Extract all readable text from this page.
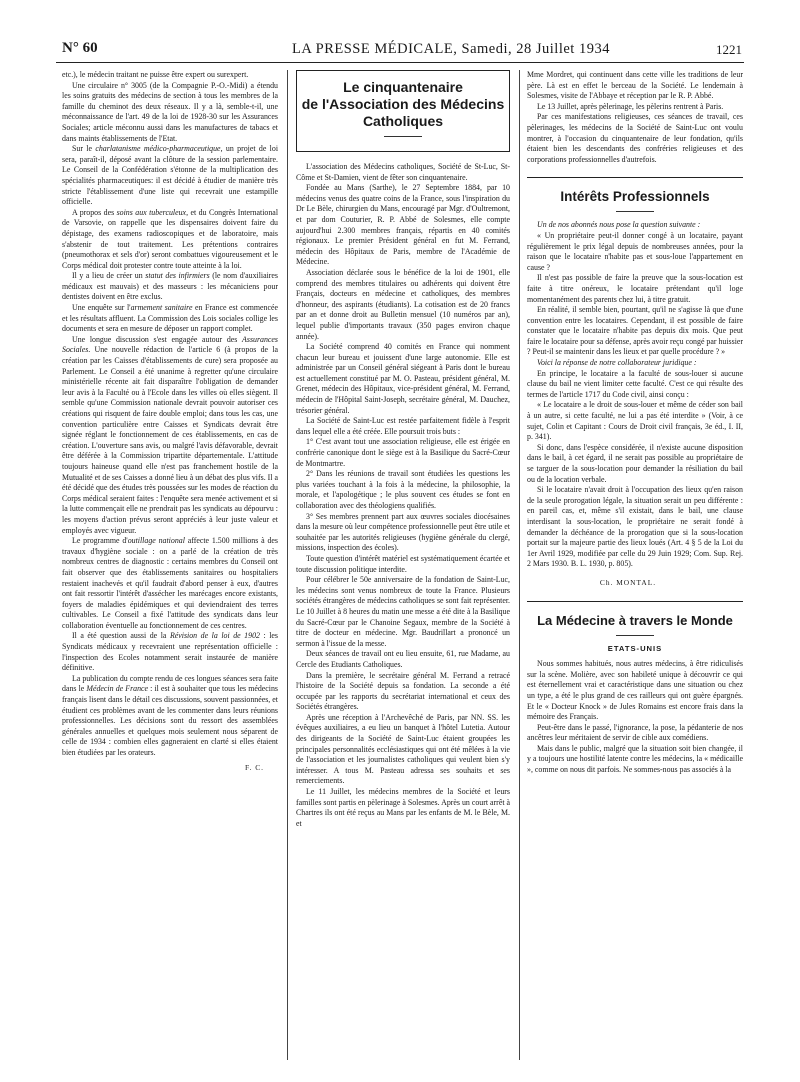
N° 60	LA PRESSE MÉDICALE, Samedi, 28 Juillet 1934	1221

etc.), le médecin traitant ne puisse être expert ou surexpert.

Une circulaire n° 3005 (de la Compagnie P.-O.-Midi) a étendu les soins gratuits des médecins de section à tous les membres de la famille du cheminot des deux réseaux. Il y a là, semble-t-il, une méconnaissance de l'art. 49 de la loi de 1928-30 sur les Assurances Sociales; article méconnu aussi dans les manufactures de tabacs et dans maints établissements de l'Etat.

Sur le charlatanisme médico-pharmaceutique, un projet de loi sera, paraît-il, déposé avant la clôture de la session parlementaire. Le Conseil de la Confédération s'étonne de la multiplication des spécialités pharmaceutiques: il est décidé à étudier de manière très stricte l'établissement d'une liste qui recevrait une estampille officielle.

A propos des soins aux tuberculeux, et du Congrès International de Varsovie, on rappelle que les dispensaires doivent faire du dépistage, des examens radioscopiques et de laboratoire, mais s'abstenir de tout traitement. Les prétentions contraires (pneumothorax et sels d'or) seront combattues vigoureusement et le Corps médical doit protester contre toute atteinte à la loi.

Il y a lieu de créer un statut des infirmiers (le nom d'auxiliaires médicaux est mauvais) et des masseurs : les mécaniciens pour dentistes doivent en être exclus.

Une enquête sur l'armement sanitaire en France est commencée et les résultats affluent. La Commission des Lois sociales collige les documents et sera en mesure de déposer un rapport complet.

Une longue discussion s'est engagée autour des Assurances Sociales. Une nouvelle rédaction de l'article 6 (à propos de la création par les Caisses d'établissements de cure) sera proposée au Parlement. Le Conseil a été unanime à regretter qu'une circulaire ministérielle récente ait fait disparaître l'obligation de demander leur avis à la Faculté ou à l'Ecole dans les villes où elles siègent. Il semble qu'une Commission nationale devrait pouvoir autoriser ces créations qui risquent de faire double emploi; dans tous les cas, une convention particulière entre Caisses et Syndicats devrait être signée réglant le fonctionnement de ces établissements, en cas de création. L'ouverture sans avis, ou malgré l'avis défavorable, devrait être déférée à la Commission tripartite départementale. L'attitude toujours haineuse quand elle n'est pas franchement hostile de la Mutualité et de ses Caisses a donné lieu à un débat des plus vifs. Il a été décidé que des études très poussées sur les modes de réaction du Corps médical seraient faites : l'enquête sera menée activement et si la lutte commençait elle ne prendrait pas les syndicats au dépourvu : les moyens d'action prévus seront appréciés à leur juste valeur et employés avec vigueur.

Le programme d'outillage national affecte 1.500 millions à des travaux d'hygiène sociale : on a parlé de la création de très nombreux centres de diagnostic : certains membres du Conseil ont fait observer que des établissements sanitaires ou hospitaliers restaient inachevés et qu'il faudrait d'abord penser à eux, d'autres ont fait ressortir l'intérêt d'assécher les marécages encore existants, foyers de maladies épidémiques et qui deviendraient des terres cultivables. Le Conseil a fixé l'attitude des syndicats dans leur collaboration éventuelle au fonctionnement de ces centres.

Il a été question aussi de la Révision de la loi de 1902 : les Syndicats médicaux y recevraient une représentation officielle : l'inspection des Ecoles notamment serait instaurée de manière définitive.

La publication du compte rendu de ces longues séances sera faite dans le Médecin de France : il est à souhaiter que tous les médecins français lisent dans le détail ces discussions, souvent passionnées, et étudient ces problèmes avant de les commenter dans leurs réunions professionnelles. Les décisions sont du ressort des assemblées générales annuelles et quelques mois seulement nous séparent de celle de 1934 : combien elles gagneraient en clarté si elles étaient bien étudiées par les orateurs.

F. C.
Le cinquantenaire
de l'Association des Médecins
Catholiques

L'association des Médecins catholiques, Société de St-Luc, St-Côme et St-Damien, vient de fêter son cinquantenaire.

Fondée au Mans (Sarthe), le 27 Septembre 1884, par 10 médecins venus des quatre coins de la France, sous l'inspiration du Dr Le Bèle, chirurgien du Mans, encouragé par Mgr. d'Oultremont, et par dom Couturier, R. P. Abbé de Solesmes, elle compte aujourd'hui 2.300 membres français, répartis en 40 comités régionaux. Le premier Président général en fut M. Ferrand, médecin des Hôpitaux de Paris, membre de l'Académie de Médecine.

Association déclarée sous le bénéfice de la loi de 1901, elle comprend des membres titulaires ou adhérents qui doivent être Français, docteurs en médecine et catholiques, des membres d'honneur, des aspirants (étudiants). La cotisation est de 20 francs par an et donne droit au Bulletin mensuel (10 numéros par an), lequel publie d'importants travaux (350 pages environ chaque année).

La Société comprend 40 comités en France qui nomment chacun leur bureau et jouissent d'une large autonomie. Elle est administrée par un Conseil général siégeant à Paris dont le bureau est actuellement constitué par M. O. Pasteau, président général, M. Grenet, médecin des Hôpitaux, vice-président général, M. Ferrand, médecin de l'Hôpital Saint-Joseph, secrétaire général, M. Dauchez, trésorier général.

La Société de Saint-Luc est restée parfaitement fidèle à l'esprit dans lequel elle a été créée. Elle poursuit trois buts :

1° C'est avant tout une association religieuse, elle est érigée en confrérie canonique dont le siège est à la Basilique du Sacré-Cœur de Montmartre.

2° Dans les réunions de travail sont étudiées les questions les plus variées touchant à la fois à la médecine, la philosophie, la morale, et l'apologétique ; le plus souvent ces études se font en collaboration avec des théologiens qualifiés.

3° Ses membres prennent part aux œuvres sociales diocésaines dans la mesure où leur compétence professionnelle peut être utile et souhaitée par les autorités religieuses (hygiène générale du clergé, missions, inspection des écoles).

Toute question d'intérêt matériel est systématiquement écartée et toute discussion politique interdite.

Pour célébrer le 50e anniversaire de la fondation de Saint-Luc, les médecins sont venus nombreux de toute la France. Plusieurs sociétés étrangères de médecins catholiques se sont fait représenter. Le 10 Juillet à 8 heures du matin une messe a été dite à la Basilique du Sacré-Cœur par le Chanoine Segaux, membre de la Société à titre de docteur en médecine. Mgr. Baudrillart a prononcé un sermon à l'issue de la messe.

Deux séances de travail ont eu lieu ensuite, 61, rue Madame, au Cercle des Etudiants Catholiques.

Dans la première, le secrétaire général M. Ferrand a retracé l'histoire de la Société depuis sa fondation. La seconde a été occupée par les rapports du secrétariat international et ceux des Sociétés étrangères.

Après une réception à l'Archevêché de Paris, par NN. SS. les évêques auxiliaires, a eu lieu un banquet à l'hôtel Lutetia. Autour des dirigeants de la Société de Saint-Luc étaient groupées les principales personnalités ecclésiastiques qui ont été mêlées à la vie de l'association et les journalistes catholiques qui veulent bien s'y intéresser. A tous M. Pasteau adressa ses souhaits et ses remerciements.

Le 11 Juillet, les médecins membres de la Société et leurs familles sont partis en pèlerinage à Solesmes. Après un court arrêt à Chartres ils ont été reçus au Mans par les enfants de M. le Bèle, M. et

Mme Mordret, qui continuent dans cette ville les traditions de leur père. Là est en effet le berceau de la Société. Le lendemain à Solesmes, visite de l'Abbaye et réception par le R. P. Abbé.

Le 13 Juillet, après pèlerinage, les pèlerins rentrent à Paris.

Par ces manifestations religieuses, ces séances de travail, ces pèlerinages, les médecins de la Société de Saint-Luc ont voulu montrer, à l'occasion du cinquantenaire de leur fondation, qu'ils étaient bien les descendants des confréries religieuses et des corporations professionnelles d'autrefois.

Intérêts Professionnels

Un de nos abonnés nous pose la question suivante :

« Un propriétaire peut-il donner congé à un locataire, payant régulièrement le prix légal depuis de nombreuses années, pour la raison que le locataire n'habite pas et sous-loue l'appartement en cause ?

Il n'est pas possible de faire la preuve que la sous-location est faite à titre onéreux, le locataire prétendant qu'il loge momentanément des parents chez lui, à titre gratuit.

En réalité, il semble bien, pourtant, qu'il ne s'agisse là que d'une convention entre les locataires. Cependant, il est possible de faire constater que le locataire n'habite pas depuis dix mois. Que peut faire le locataire pour sa défense, après avoir reçu congé par huissier ? Peut-il se maintenir dans les lieux et par quelle procédure ? »

Voici la réponse de notre collaborateur juridique :

En principe, le locataire a la faculté de sous-louer si aucune clause du bail ne vient limiter cette faculté. C'est ce qui résulte des termes de l'article 1717 du Code civil, ainsi conçu :

« Le locataire a le droit de sous-louer et même de céder son bail à un autre, si cette faculté, ne lui a pas été interdite » (Voir, à ce sujet, Colin et Capitant : Cours de Droit civil français, 3e éd., I. II, p. 341).

Si donc, dans l'espèce considérée, il n'existe aucune disposition dans le bail, à cet égard, il ne serait pas possible au propriétaire de se targuer de la sous-location pour demander la résiliation du bail ou de la location verbale.

Si le locataire n'avait droit à l'occupation des lieux qu'en raison de la seule prorogation légale, la situation serait un peu différente : en pareil cas, et, même s'il existait, dans le bail, une clause interdisant la sous-location, le propriétaire ne serait fondé à demander la déchéance de la prorogation que si la sous-location portait sur la majeure partie des lieux loués (Art. 4 § 5 de la Loi du 1er Avril 1929, modifiée par celle du 29 Juin 1929; Com. Sup. Rej. 2 Mars 1930. B. L. 1930, p. 805).

Ch. MONTAL.
La Médecine à travers le Monde
ETATS-UNIS

Nous sommes habitués, nous autres médecins, à être ridiculisés sur la scène. Molière, avec son habileté unique à découvrir ce qui est éternellement vrai et caractéristique dans une situation ou chez un type, a été le plus grand de ces railleurs qui ont guère épargnés. Et le « Docteur Knock » de Jules Romains est encore frais dans la mémoire des Français.

Peut-être dans le passé, l'ignorance, la pose, la pédanterie de nos ancêtres leur méritaient de servir de cible aux comédiens.

Mais dans le public, malgré que la situation soit bien changée, il y a toujours une hostilité latente contre les médecins, la « médicaille », comme on nous dit parfois. Ne sommes-nous pas associés à la
